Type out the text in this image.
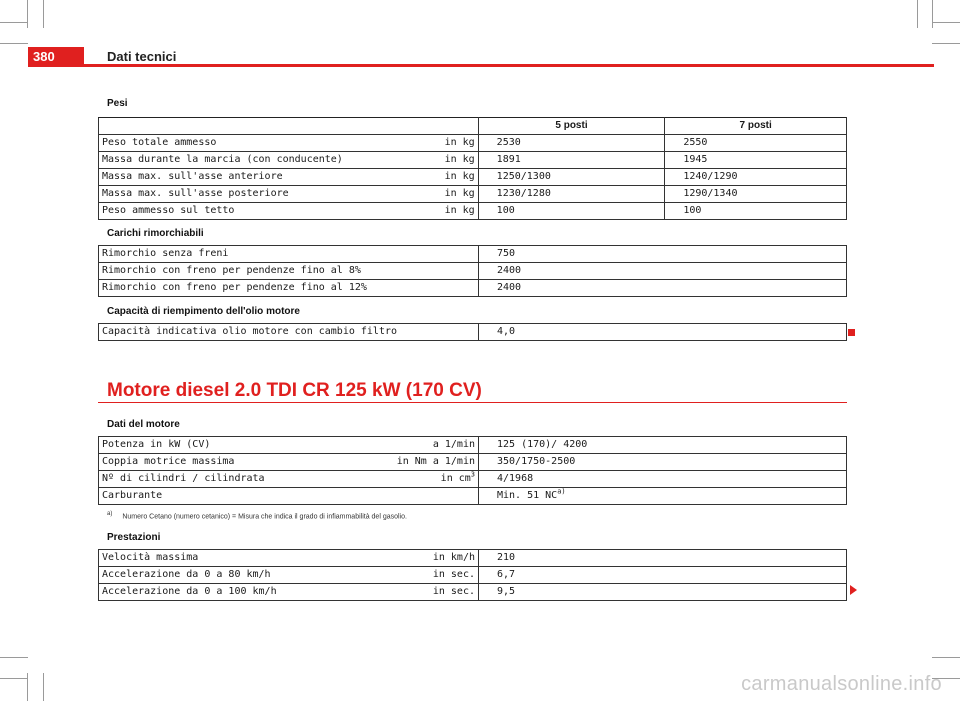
380	Dati tecnici
Pesi
	5 posti	7 posti

Peso totale ammesso in kg	2530	2550

Massa durante la marcia (con conducente) in kg	1891	1945

Massa max. sull'asse anteriore in kg	1250/1300	1240/1290

Massa max. sull'asse posteriore in kg	1230/1280	1290/1340

Peso ammesso sul tetto in kg	100	100
Carichi rimorchiabili
Rimorchio senza freni	750
Rimorchio con freno per pendenze fino al 8%	2400
Rimorchio con freno per pendenze fino al 12%	2400
Capacità di riempimento dell'olio motore
Capacità indicativa olio motore con cambio filtro	4,0
Motore diesel 2.0 TDI CR 125 kW (170 CV)
Dati del motore
Potenza in kW (CV) a 1/min	125 (170)/ 4200

Coppia motrice massima in Nm a 1/min	350/1750-2500

Nº di cilindri / cilindrata in $cm^3$	4/1968
Carburante	Min. 51 NC$^{a)}$
$^{a)}$ Numero Cetano (numero cetanico) = Misura che indica il grado di infiammabilità del gasolio.
Prestazioni
Velocità massima in km/h	210

Accelerazione da 0 a 80 km/h in sec.	6,7

Accelerazione da 0 a 100 km/h in sec.	9,5
carmanualsonline.info
